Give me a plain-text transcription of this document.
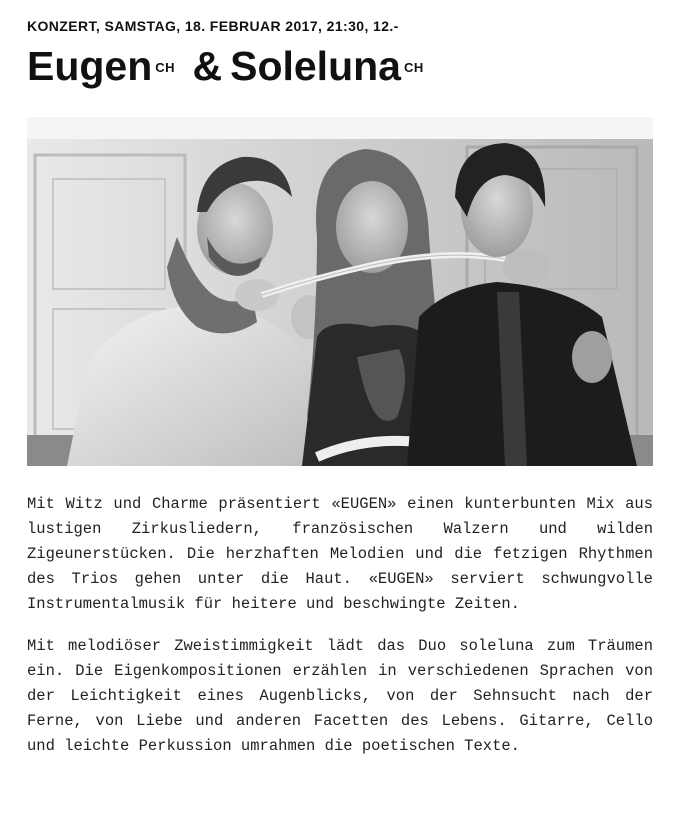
KONZERT, SAMSTAG, 18. FEBRUAR 2017, 21:30, 12.-
Eugen $^{CH}$ & Soleluna $^{CH}$

Mit Witz und Charme präsentiert «EUGEN» einen kunterbunten Mix aus lustigen Zirkusliedern, französischen Walzern und wilden Zigeunerstücken. Die herzhaften Melodien und die fetzigen Rhythmen des Trios gehen unter die Haut. «EUGEN» serviert schwungvolle Instrumentalmusik für heitere und beschwingte Zeiten.

Mit melodiöser Zweistimmigkeit lädt das Duo soleluna zum Träumen ein. Die Eigenkompositionen erzählen in verschiedenen Sprachen von der Leichtigkeit eines Augenblicks, von der Sehnsucht nach der Ferne, von Liebe und anderen Facetten des Lebens. Gitarre, Cello und leichte Perkussion umrahmen die poetischen Texte.
